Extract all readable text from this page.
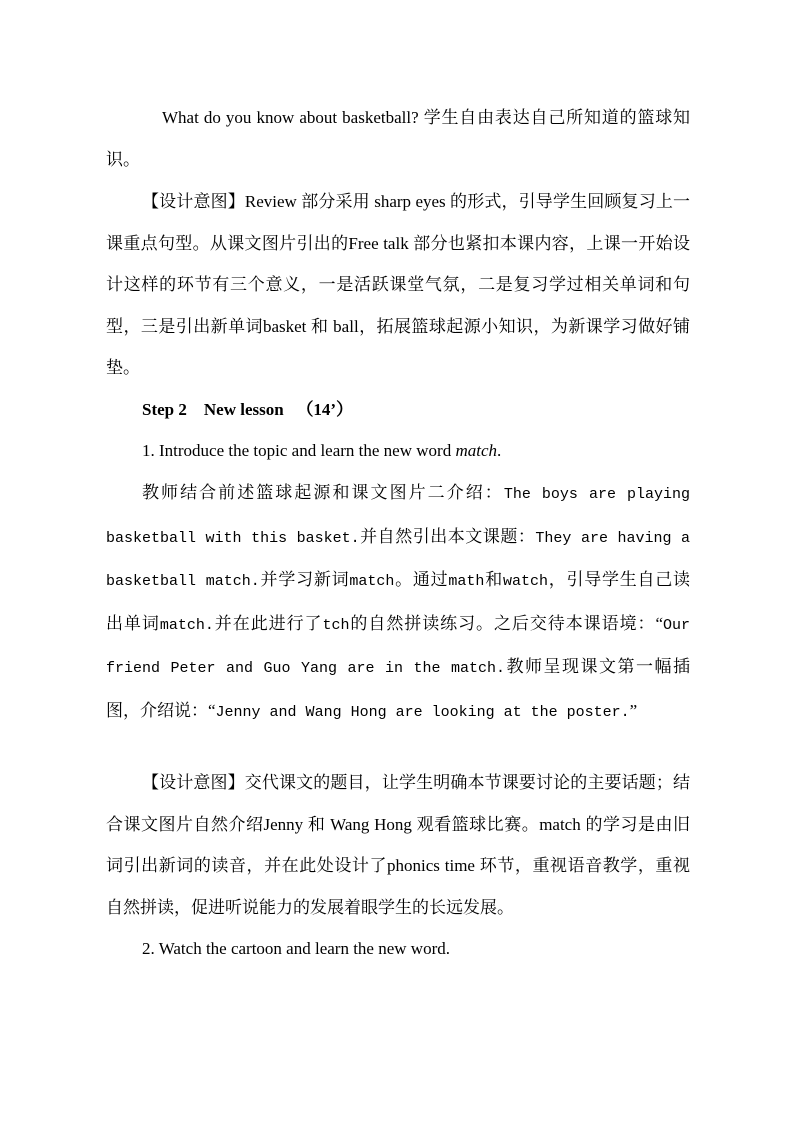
What do you know about basketball? 学生自由表达自己所知道的篮球知识。
【设计意图】Review 部分采用 sharp eyes 的形式，引导学生回顾复习上一课重点句型。从课文图片引出的Free talk 部分也紧扣本课内容，上课一开始设计这样的环节有三个意义，一是活跃课堂气氛，二是复习学过相关单词和句型，三是引出新单词basket 和 ball，拓展篮球起源小知识，为新课学习做好铺垫。
Step 2 New lesson （14’）
1. Introduce the topic and learn the new word match.
教师结合前述篮球起源和课文图片二介绍：The boys are playing basketball with this basket.并自然引出本文课题：They are having a basketball match.并学习新词match。通过math和watch，引导学生自己读出单词match.并在此进行了tch的自然拼读练习。之后交待本课语境：“Our friend Peter and Guo Yang are in the match.教师呈现课文第一幅插图，介绍说：“Jenny and Wang Hong are looking at the poster.”
【设计意图】交代课文的题目，让学生明确本节课要讨论的主要话题；结合课文图片自然介绍Jenny 和 Wang Hong 观看篮球比赛。match 的学习是由旧词引出新词的读音，并在此处设计了phonics time 环节，重视语音教学，重视自然拼读，促进听说能力的发展着眼学生的长远发展。
2. Watch the cartoon and learn the new word.
